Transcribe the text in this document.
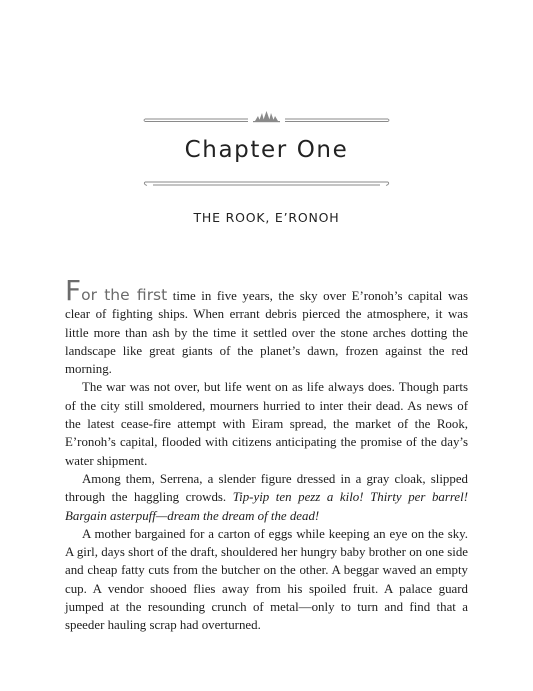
Chapter One
THE ROOK, E’RONOH

For the first time in five years, the sky over E’ronoh’s capital was clear of fighting ships. When errant debris pierced the atmosphere, it was little more than ash by the time it settled over the stone arches dotting the landscape like great giants of the planet’s dawn, frozen against the red morning.

The war was not over, but life went on as life always does. Though parts of the city still smoldered, mourners hurried to inter their dead. As news of the latest cease-fire attempt with Eiram spread, the market of the Rook, E’ronoh’s capital, flooded with citizens anticipating the promise of the day’s water shipment.

Among them, Serrena, a slender figure dressed in a gray cloak, slipped through the haggling crowds. Tip-yip ten pezz a kilo! Thirty per barrel! Bargain asterpuff—dream the dream of the dead!

A mother bargained for a carton of eggs while keeping an eye on the sky. A girl, days short of the draft, shouldered her hungry baby brother on one side and cheap fatty cuts from the butcher on the other. A beggar waved an empty cup. A vendor shooed flies away from his spoiled fruit. A palace guard jumped at the resounding crunch of metal—only to turn and find that a speeder hauling scrap had overturned.
